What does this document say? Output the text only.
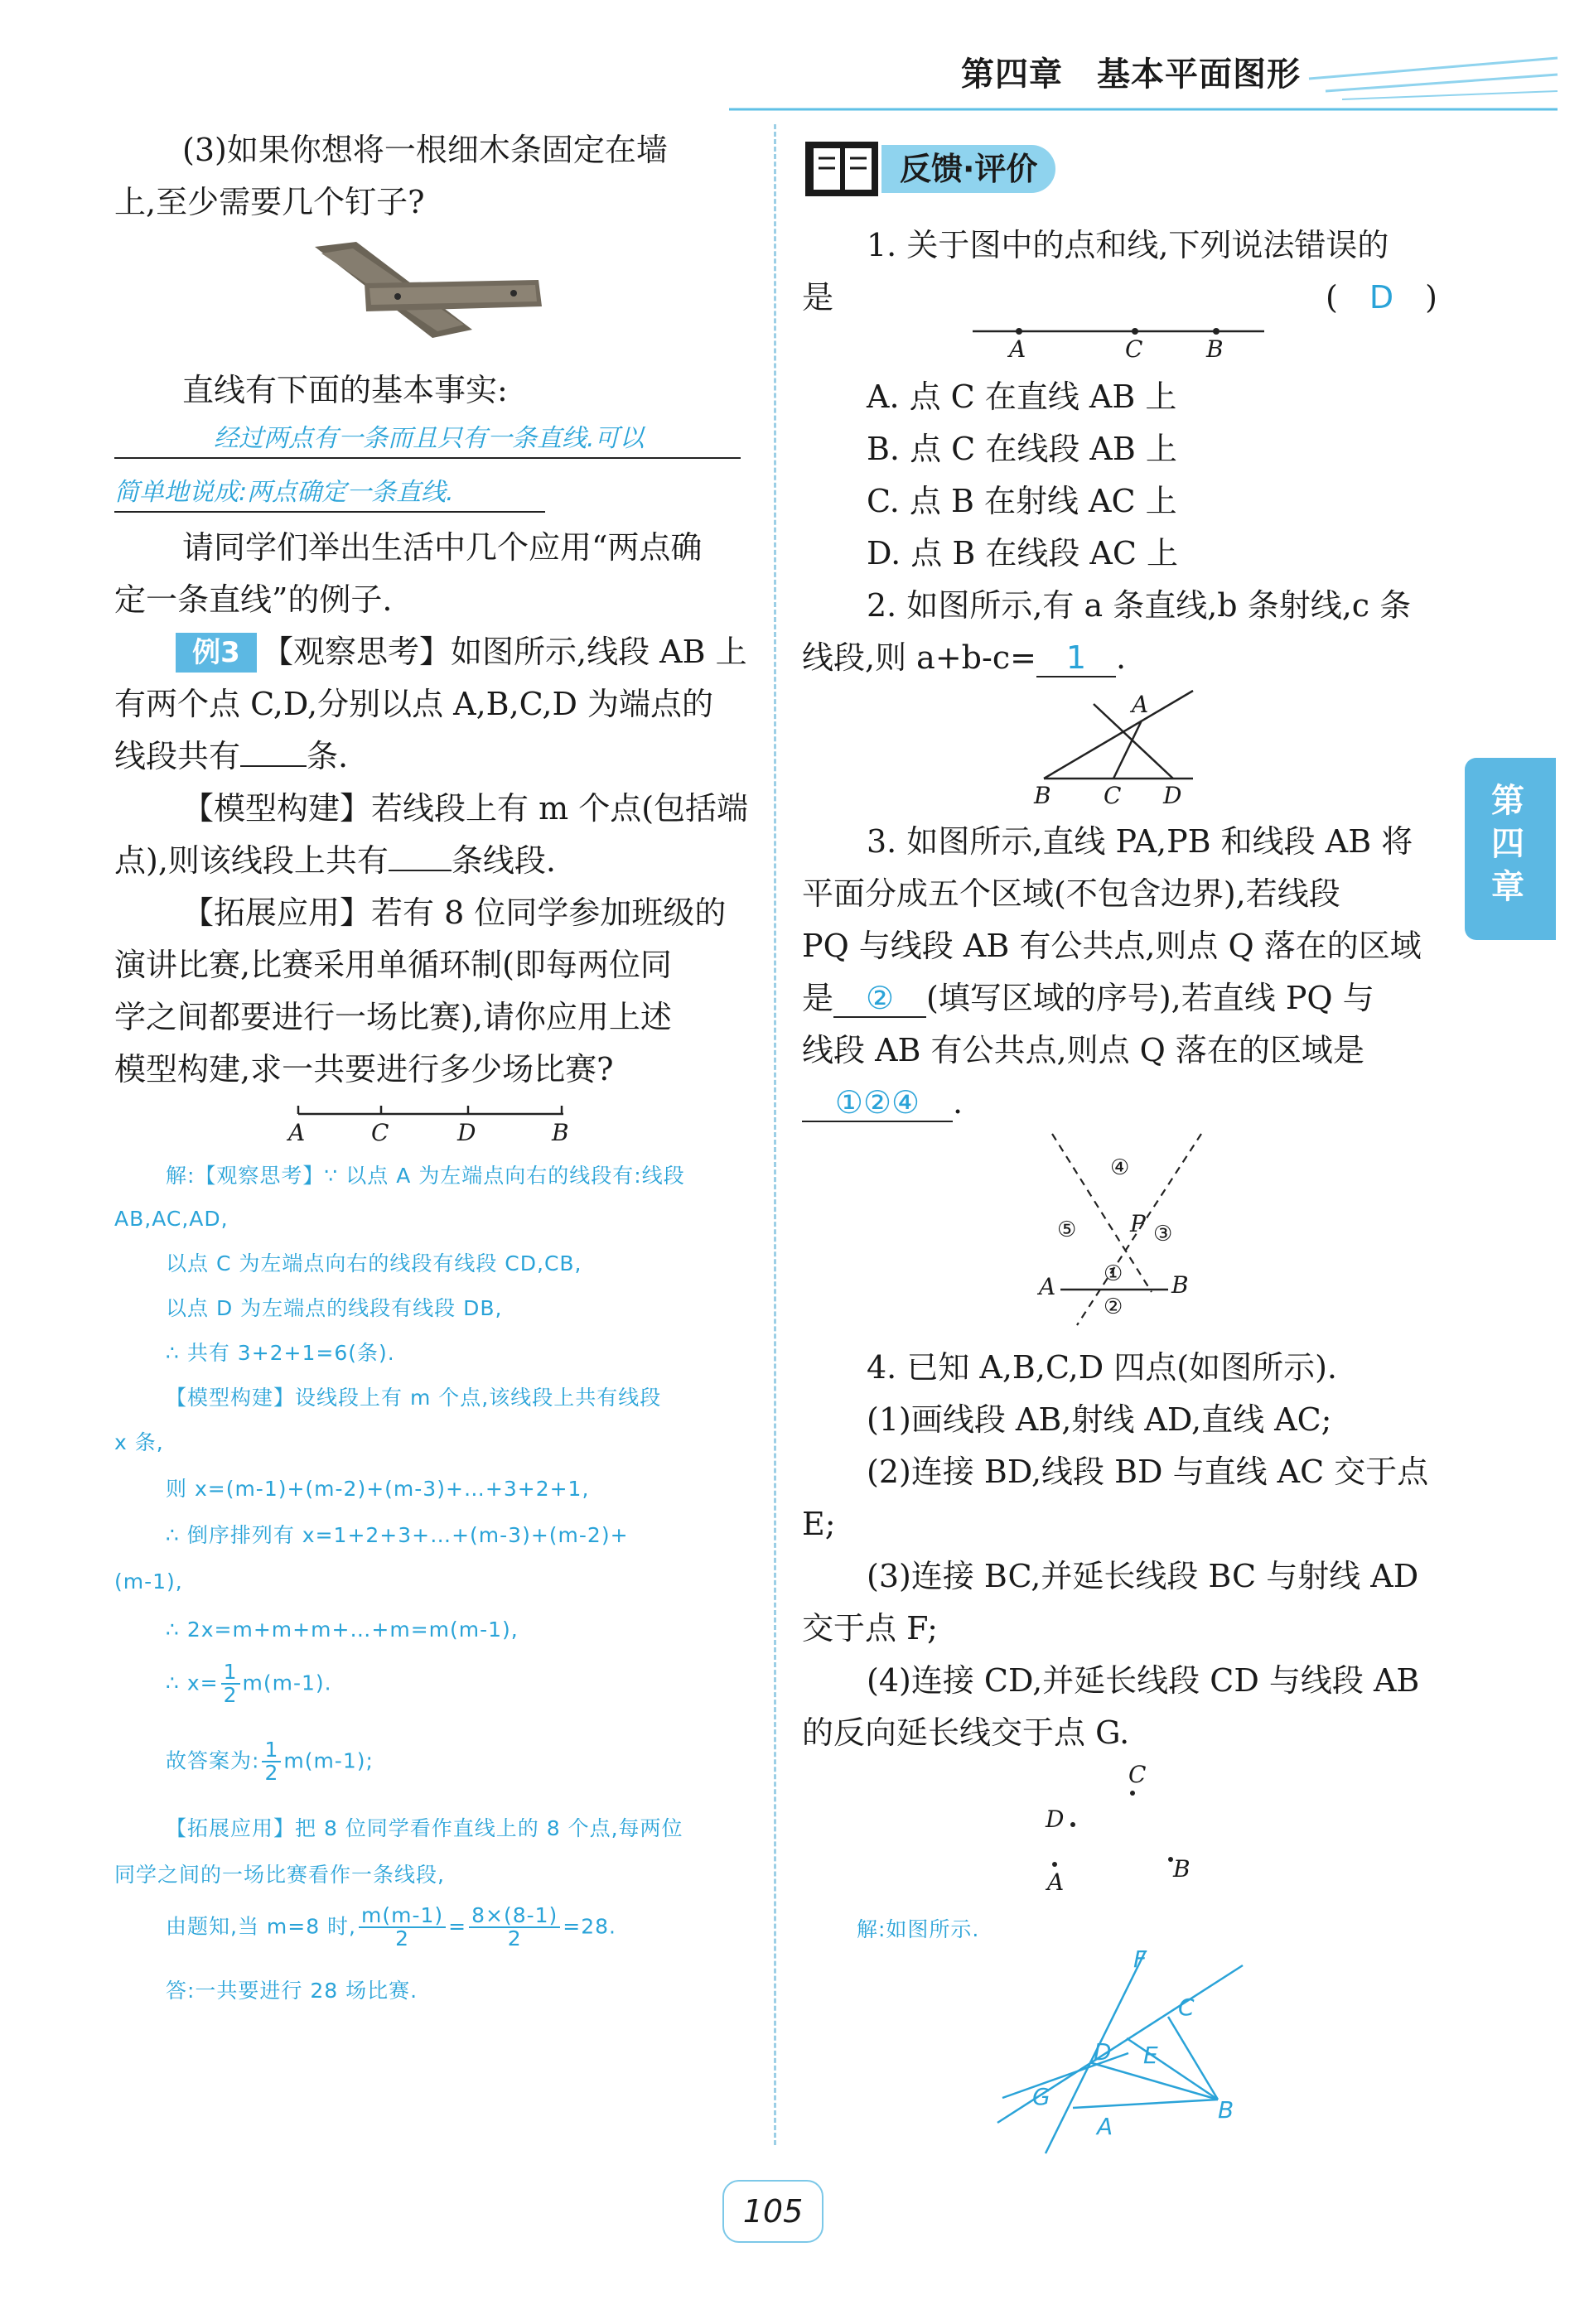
第四章　基本平面图形
第四章

(3)如果你想将一根细木条固定在墙

上,至少需要几个钉子?

直线有下面的基本事实:

经过两点有一条而且只有一条直线.可以
简单地说成:两点确定一条直线.

请同学们举出生活中几个应用“两点确

定一条直线”的例子.

例3 【观察思考】如图所示,线段 AB 上

有两个点 C,D,分别以点 A,B,C,D 为端点的

线段共有 条.

【模型构建】若线段上有 m 个点(包括端

点),则该线段上共有 条线段.

【拓展应用】若有 8 位同学参加班级的

演讲比赛,比赛采用单循环制(即每两位同

学之间都要进行一场比赛),请你应用上述

模型构建,求一共要进行多少场比赛?

A	C	D	B
解:【观察思考】∵ 以点 A 为左端点向右的线段有:线段
AB,AC,AD,
以点 C 为左端点向右的线段有线段 CD,CB,
以点 D 为左端点的线段有线段 DB,
∴ 共有 3+2+1=6(条).
【模型构建】设线段上有 m 个点,该线段上共有线段
x 条,
则 x=(m-1)+(m-2)+(m-3)+…+3+2+1,
∴ 倒序排列有 x=1+2+3+…+(m-3)+(m-2)+
(m-1),
∴ 2x=m+m+m+…+m=m(m-1),
∴ $x= \frac{1}{2} m(m-1)$.
故答案为: $\frac{1}{2} m(m-1)$;
【拓展应用】把 8 位同学看作直线上的 8 个点,每两位
同学之间的一场比赛看作一条线段,
由题知,当 m=8 时, $\frac{m(m-1)}{2} = \frac{8\times(8-1)}{2} =28$.
答:一共要进行 28 场比赛.
反馈·评价

1. 关于图中的点和线,下列说法错误的

是	(　D　)
A	C	B

A. 点 C 在直线 AB 上

B. 点 C 在线段 AB 上

C. 点 B 在射线 AC 上

D. 点 B 在线段 AC 上

2. 如图所示,有 a 条直线,b 条射线,c 条

线段,则 a+b-c= 1 .

A
B C D

3. 如图所示,直线 PA,PB 和线段 AB 将

平面分成五个区域(不包含边界),若线段

PQ 与线段 AB 有公共点,则点 Q 落在的区域

是 ② (填写区域的序号),若直线 PQ 与

线段 AB 有公共点,则点 Q 落在的区域是

①②④ .

④
⑤ P ③
①
A	B
②

4. 已知 A,B,C,D 四点(如图所示).

(1)画线段 AB,射线 AD,直线 AC;

(2)连接 BD,线段 BD 与直线 AC 交于点

E;

(3)连接 BC,并延长线段 BC 与射线 AD

交于点 F;

(4)连接 CD,并延长线段 CD 与线段 AB

的反向延长线交于点 G.

C
D
A	B
解:如图所示.
F
C
D E
G
A
B
105
